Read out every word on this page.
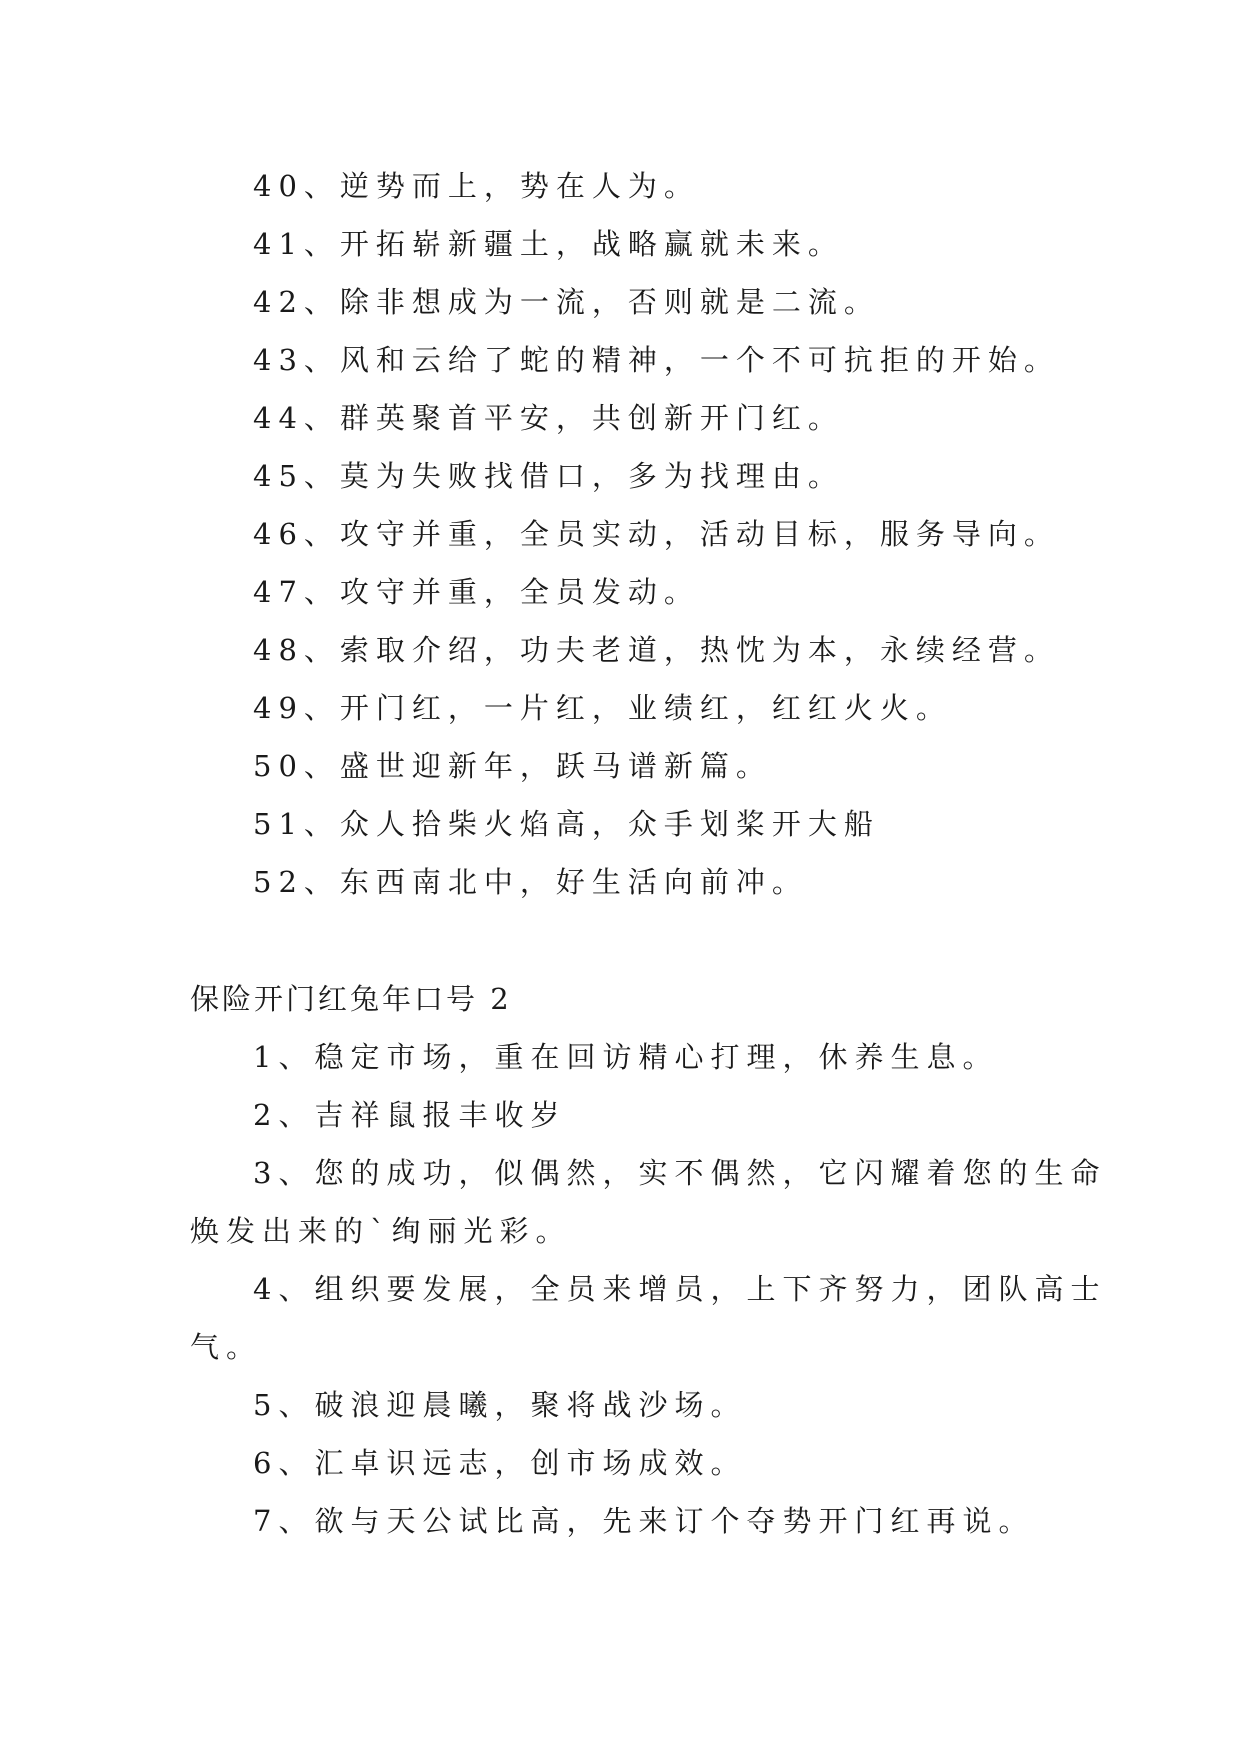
40、逆势而上，势在人为。
41、开拓崭新疆土，战略赢就未来。
42、除非想成为一流，否则就是二流。
43、风和云给了蛇的精神，一个不可抗拒的开始。
44、群英聚首平安，共创新开门红。
45、莫为失败找借口，多为找理由。
46、攻守并重，全员实动，活动目标，服务导向。
47、攻守并重，全员发动。
48、索取介绍，功夫老道，热忱为本，永续经营。
49、开门红，一片红，业绩红，红红火火。
50、盛世迎新年，跃马谱新篇。
51、众人拾柴火焰高，众手划桨开大船
52、东西南北中，好生活向前冲。
保险开门红兔年口号 2
1、稳定市场，重在回访精心打理，休养生息。
2、吉祥鼠报丰收岁
3、您的成功，似偶然，实不偶然，它闪耀着您的生命
焕发出来的`绚丽光彩。
4、组织要发展，全员来增员，上下齐努力，团队高士
气。
5、破浪迎晨曦，聚将战沙场。
6、汇卓识远志，创市场成效。
7、欲与天公试比高，先来订个夺势开门红再说。
